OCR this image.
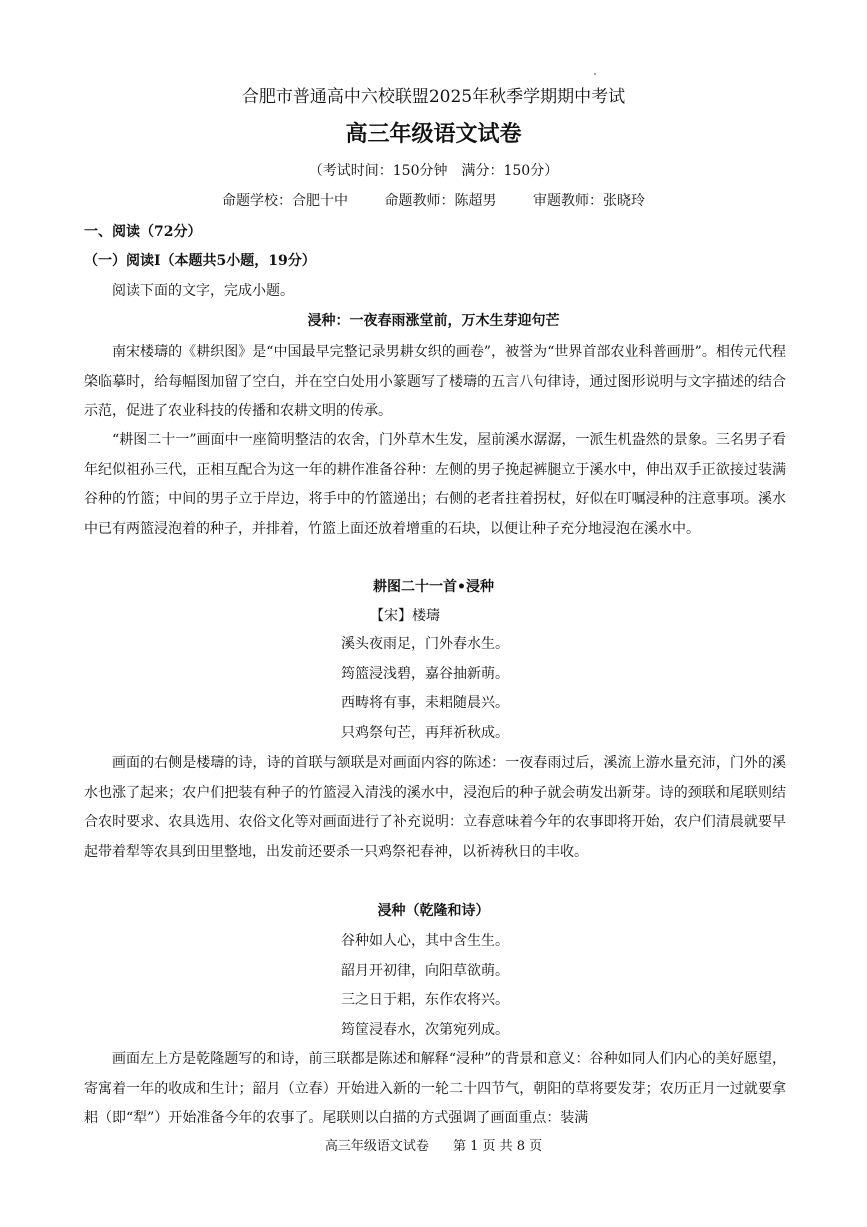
合肥市普通高中六校联盟2025年秋季学期期中考试
高三年级语文试卷
（考试时间：150分钟　满分：150分）
命题学校：合肥十中	命题教师：陈超男	审题教师：张晓玲
一、阅读（72分）
（一）阅读Ⅰ（本题共5小题，19分）
阅读下面的文字，完成小题。
浸种：一夜春雨涨堂前，万木生芽迎句芒

南宋楼璹的《耕织图》是“中国最早完整记录男耕女织的画卷”，被誉为“世界首部农业科普画册”。相传元代程棨临摹时，给每幅图加留了空白，并在空白处用小篆题写了楼璹的五言八句律诗，通过图形说明与文字描述的结合示范，促进了农业科技的传播和农耕文明的传承。

“耕图二十一”画面中一座简明整洁的农舍，门外草木生发，屋前溪水潺潺，一派生机盎然的景象。三名男子看年纪似祖孙三代，正相互配合为这一年的耕作准备谷种：左侧的男子挽起裤腿立于溪水中，伸出双手正欲接过装满谷种的竹篮；中间的男子立于岸边，将手中的竹篮递出；右侧的老者拄着拐杖，好似在叮嘱浸种的注意事项。溪水中已有两篮浸泡着的种子，并排着，竹篮上面还放着增重的石块，以便让种子充分地浸泡在溪水中。

耕图二十一首•浸种
【宋】楼璹
溪头夜雨足，门外春水生。
筠篮浸浅碧，嘉谷抽新萌。
西畴将有事，耒耜随晨兴。
只鸡祭句芒，再拜祈秋成。

画面的右侧是楼璹的诗，诗的首联与颔联是对画面内容的陈述：一夜春雨过后，溪流上游水量充沛，门外的溪水也涨了起来；农户们把装有种子的竹篮浸入清浅的溪水中，浸泡后的种子就会萌发出新芽。诗的颈联和尾联则结合农时要求、农具选用、农俗文化等对画面进行了补充说明：立春意味着今年的农事即将开始，农户们清晨就要早起带着犁等农具到田里整地，出发前还要杀一只鸡祭祀春神，以祈祷秋日的丰收。

浸种（乾隆和诗）
谷种如人心，其中含生生。
韶月开初律，向阳草欲萌。
三之日于耜，东作农将兴。
筠筐浸春水，次第宛列成。

画面左上方是乾隆题写的和诗，前三联都是陈述和解释“浸种”的背景和意义：谷种如同人们内心的美好愿望，寄寓着一年的收成和生计；韶月（立春）开始进入新的一轮二十四节气，朝阳的草将要发芽；农历正月一过就要拿耜（即“犁”）开始准备今年的农事了。尾联则以白描的方式强调了画面重点：装满

高三年级语文试卷 第 1 页 共 8 页
